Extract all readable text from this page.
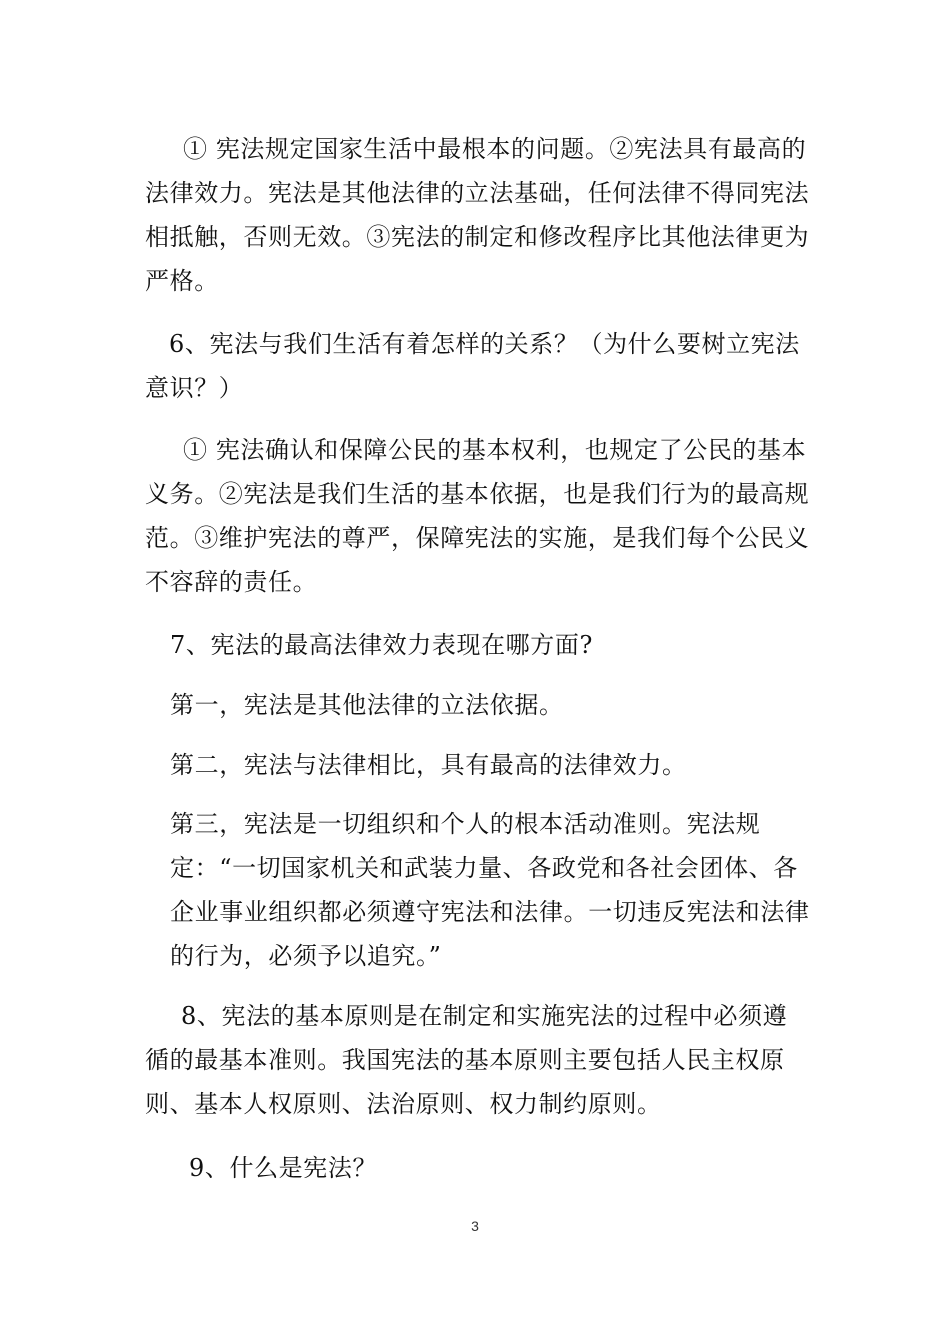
① 宪法规定国家生活中最根本的问题。②宪法具有最高的法律效力。宪法是其他法律的立法基础，任何法律不得同宪法相抵触，否则无效。③宪法的制定和修改程序比其他法律更为严格。

6、宪法与我们生活有着怎样的关系？（为什么要树立宪法意识？）

① 宪法确认和保障公民的基本权利，也规定了公民的基本义务。②宪法是我们生活的基本依据，也是我们行为的最高规范。③维护宪法的尊严，保障宪法的实施，是我们每个公民义不容辞的责任。

7、宪法的最高法律效力表现在哪方面?

第一，宪法是其他法律的立法依据。

第二，宪法与法律相比，具有最高的法律效力。

第三，宪法是一切组织和个人的根本活动准则。宪法规定：“一切国家机关和武装力量、各政党和各社会团体、各企业事业组织都必须遵守宪法和法律。一切违反宪法和法律的行为，必须予以追究。”

8、宪法的基本原则是在制定和实施宪法的过程中必须遵循的最基本准则。我国宪法的基本原则主要包括人民主权原则、基本人权原则、法治原则、权力制约原则。

9、什么是宪法？

3
